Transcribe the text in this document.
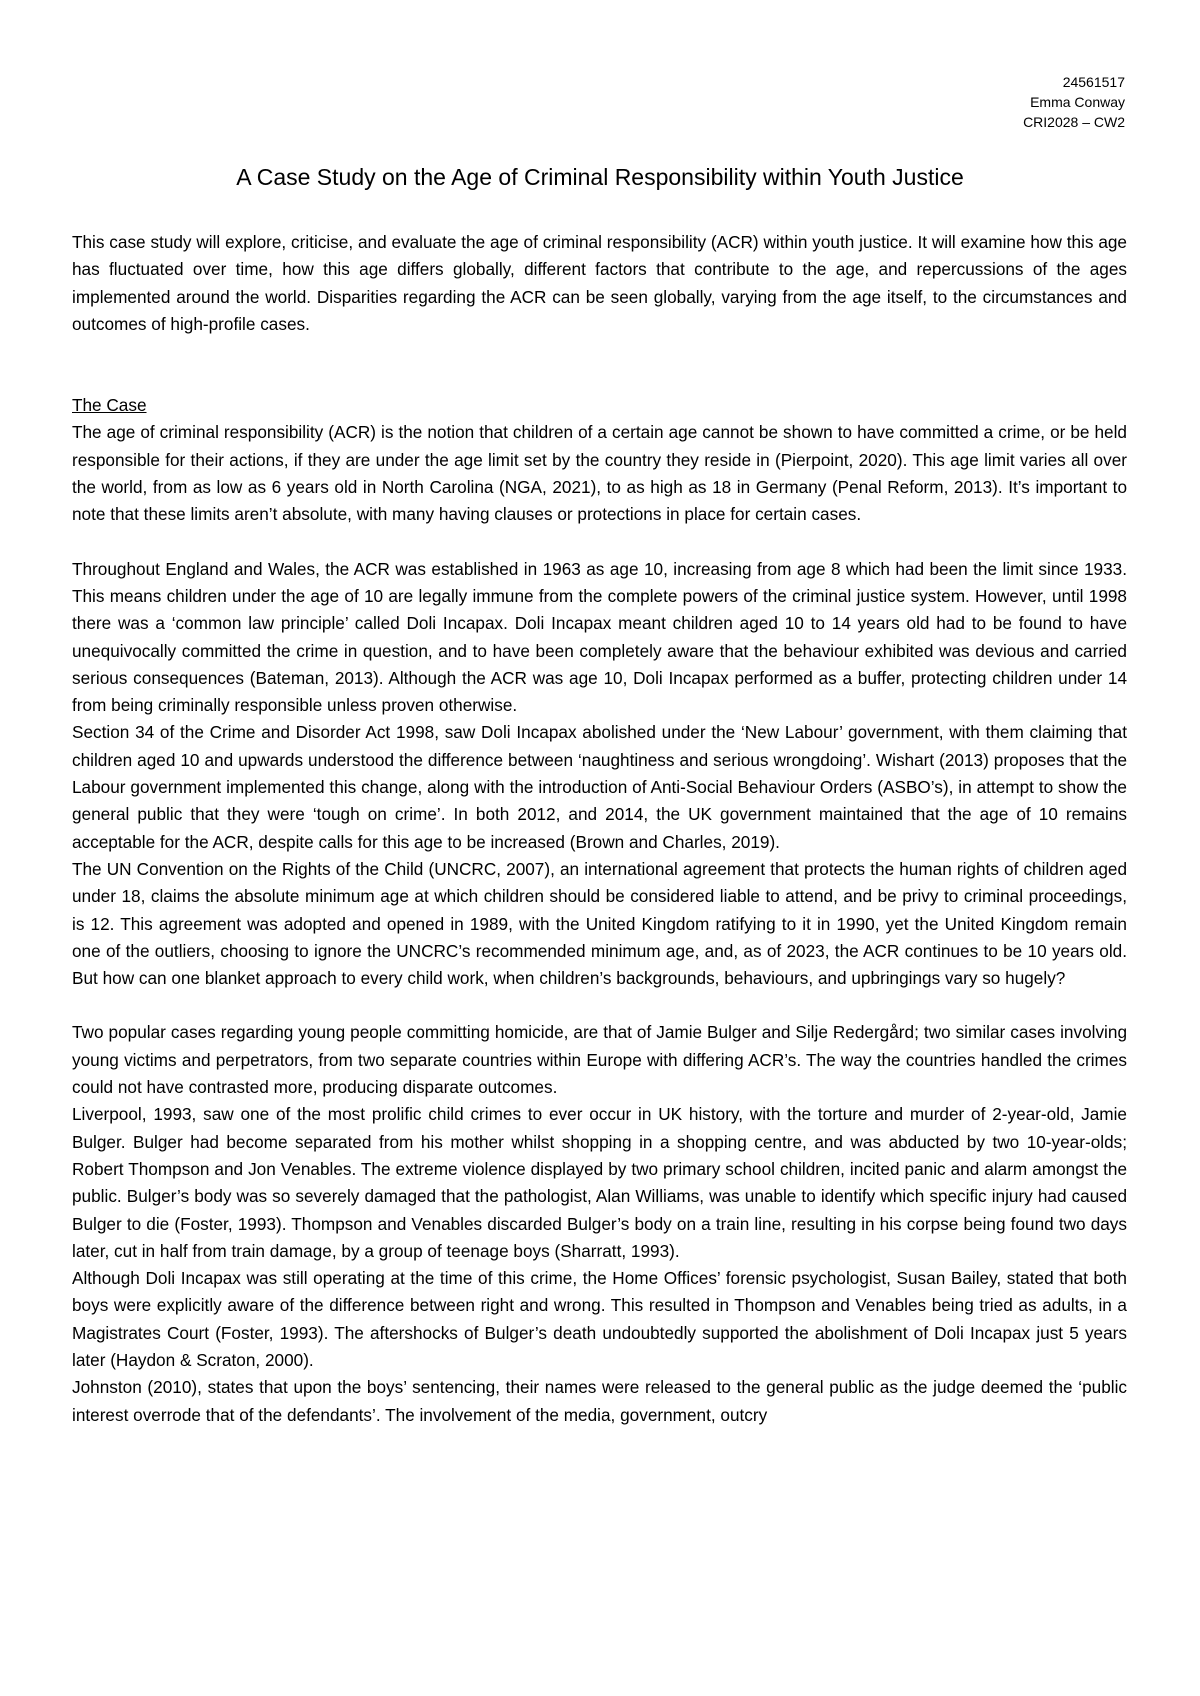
24561517
Emma Conway
CRI2028 – CW2
A Case Study on the Age of Criminal Responsibility within Youth Justice

This case study will explore, criticise, and evaluate the age of criminal responsibility (ACR) within youth justice. It will examine how this age has fluctuated over time, how this age differs globally, different factors that contribute to the age, and repercussions of the ages implemented around the world. Disparities regarding the ACR can be seen globally, varying from the age itself, to the circumstances and outcomes of high-profile cases.

The Case

The age of criminal responsibility (ACR) is the notion that children of a certain age cannot be shown to have committed a crime, or be held responsible for their actions, if they are under the age limit set by the country they reside in (Pierpoint, 2020). This age limit varies all over the world, from as low as 6 years old in North Carolina (NGA, 2021), to as high as 18 in Germany (Penal Reform, 2013). It’s important to note that these limits aren’t absolute, with many having clauses or protections in place for certain cases.

Throughout England and Wales, the ACR was established in 1963 as age 10, increasing from age 8 which had been the limit since 1933. This means children under the age of 10 are legally immune from the complete powers of the criminal justice system. However, until 1998 there was a ‘common law principle’ called Doli Incapax. Doli Incapax meant children aged 10 to 14 years old had to be found to have unequivocally committed the crime in question, and to have been completely aware that the behaviour exhibited was devious and carried serious consequences (Bateman, 2013). Although the ACR was age 10, Doli Incapax performed as a buffer, protecting children under 14 from being criminally responsible unless proven otherwise.

Section 34 of the Crime and Disorder Act 1998, saw Doli Incapax abolished under the ‘New Labour’ government, with them claiming that children aged 10 and upwards understood the difference between ‘naughtiness and serious wrongdoing’. Wishart (2013) proposes that the Labour government implemented this change, along with the introduction of Anti-Social Behaviour Orders (ASBO’s), in attempt to show the general public that they were ‘tough on crime’. In both 2012, and 2014, the UK government maintained that the age of 10 remains acceptable for the ACR, despite calls for this age to be increased (Brown and Charles, 2019).

The UN Convention on the Rights of the Child (UNCRC, 2007), an international agreement that protects the human rights of children aged under 18, claims the absolute minimum age at which children should be considered liable to attend, and be privy to criminal proceedings, is 12. This agreement was adopted and opened in 1989, with the United Kingdom ratifying to it in 1990, yet the United Kingdom remain one of the outliers, choosing to ignore the UNCRC’s recommended minimum age, and, as of 2023, the ACR continues to be 10 years old. But how can one blanket approach to every child work, when children’s backgrounds, behaviours, and upbringings vary so hugely?

Two popular cases regarding young people committing homicide, are that of Jamie Bulger and Silje Redergård; two similar cases involving young victims and perpetrators, from two separate countries within Europe with differing ACR’s. The way the countries handled the crimes could not have contrasted more, producing disparate outcomes.

Liverpool, 1993, saw one of the most prolific child crimes to ever occur in UK history, with the torture and murder of 2-year-old, Jamie Bulger. Bulger had become separated from his mother whilst shopping in a shopping centre, and was abducted by two 10-year-olds; Robert Thompson and Jon Venables. The extreme violence displayed by two primary school children, incited panic and alarm amongst the public. Bulger’s body was so severely damaged that the pathologist, Alan Williams, was unable to identify which specific injury had caused Bulger to die (Foster, 1993). Thompson and Venables discarded Bulger’s body on a train line, resulting in his corpse being found two days later, cut in half from train damage, by a group of teenage boys (Sharratt, 1993).

Although Doli Incapax was still operating at the time of this crime, the Home Offices’ forensic psychologist, Susan Bailey, stated that both boys were explicitly aware of the difference between right and wrong. This resulted in Thompson and Venables being tried as adults, in a Magistrates Court (Foster, 1993). The aftershocks of Bulger’s death undoubtedly supported the abolishment of Doli Incapax just 5 years later (Haydon & Scraton, 2000).

Johnston (2010), states that upon the boys’ sentencing, their names were released to the general public as the judge deemed the ‘public interest overrode that of the defendants’. The involvement of the media, government, outcry
